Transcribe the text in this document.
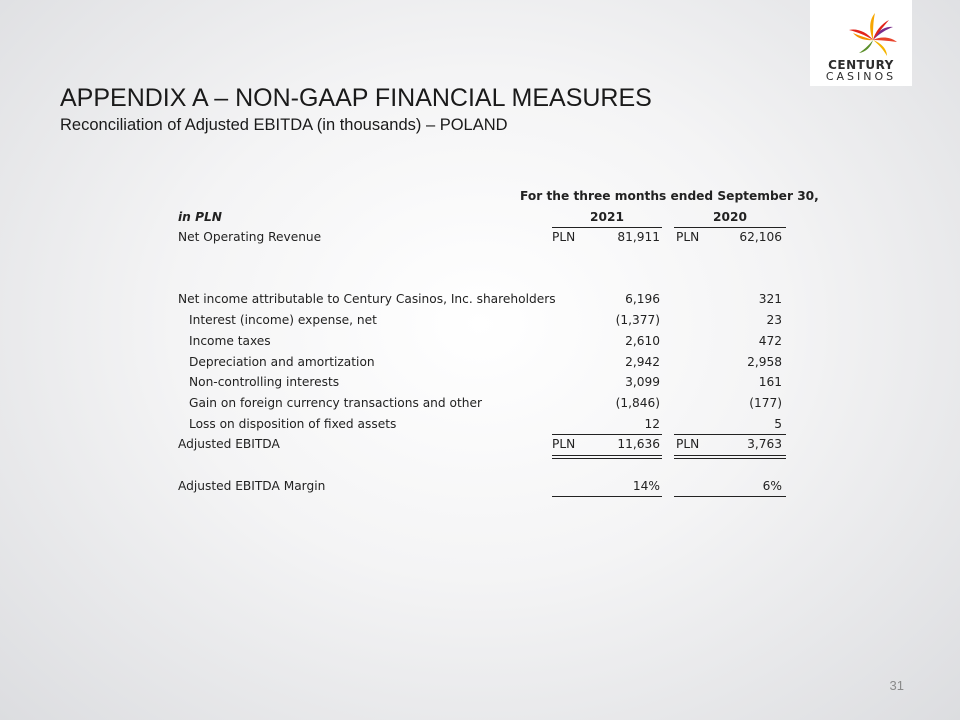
CENTURY
CASINOS
APPENDIX A – NON-GAAP FINANCIAL MEASURES
Reconciliation of Adjusted EBITDA (in thousands) – POLAND
For the three months ended September 30,
in PLN	2021	2020
Net Operating Revenue	PLN	81,911 PLN	62,106
Net income attributable to Century Casinos, Inc. shareholders	6,196	321
Interest (income) expense, net	(1,377)	23
Income taxes	2,610	472
Depreciation and amortization	2,942	2,958
Non-controlling interests	3,099	161
Gain on foreign currency transactions and other	(1,846)	(177)
Loss on disposition of fixed assets	12	5
Adjusted EBITDA	PLN	11,636 PLN	3,763
Adjusted EBITDA Margin	14%	6%
31
